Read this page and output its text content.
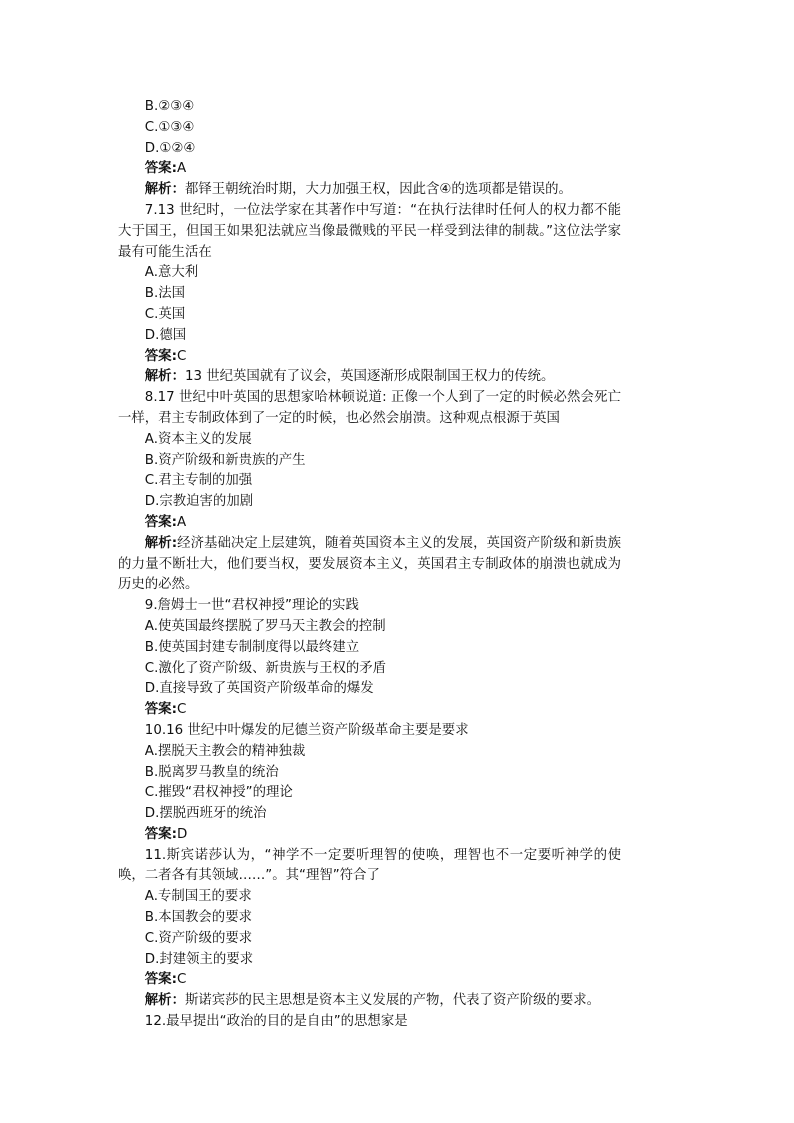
B.②③④

C.①③④

D.①②④

答案:A

解析：都铎王朝统治时期，大力加强王权，因此含④的选项都是错误的。

7.13 世纪时，一位法学家在其著作中写道：“在执行法律时任何人的权力都不能大于国王，但国王如果犯法就应当像最微贱的平民一样受到法律的制裁。”这位法学家最有可能生活在

A.意大利

B.法国

C.英国

D.德国

答案:C

解析：13 世纪英国就有了议会，英国逐渐形成限制国王权力的传统。

8.17 世纪中叶英国的思想家哈林顿说道: 正像一个人到了一定的时候必然会死亡一样，君主专制政体到了一定的时候，也必然会崩溃。这种观点根源于英国

A.资本主义的发展

B.资产阶级和新贵族的产生

C.君主专制的加强

D.宗教迫害的加剧

答案:A

解析:经济基础决定上层建筑，随着英国资本主义的发展，英国资产阶级和新贵族的力量不断壮大，他们要当权，要发展资本主义，英国君主专制政体的崩溃也就成为历史的必然。

9.詹姆士一世“君权神授”理论的实践

A.使英国最终摆脱了罗马天主教会的控制

B.使英国封建专制制度得以最终建立

C.激化了资产阶级、新贵族与王权的矛盾

D.直接导致了英国资产阶级革命的爆发

答案:C

10.16 世纪中叶爆发的尼德兰资产阶级革命主要是要求

A.摆脱天主教会的精神独裁

B.脱离罗马教皇的统治

C.摧毁“君权神授”的理论

D.摆脱西班牙的统治

答案:D

11.斯宾诺莎认为，“神学不一定要听理智的使唤，理智也不一定要听神学的使唤，二者各有其领域……”。其“理智”符合了

A.专制国王的要求

B.本国教会的要求

C.资产阶级的要求

D.封建领主的要求

答案:C

解析：斯诺宾莎的民主思想是资本主义发展的产物，代表了资产阶级的要求。

12.最早提出“政治的目的是自由”的思想家是
